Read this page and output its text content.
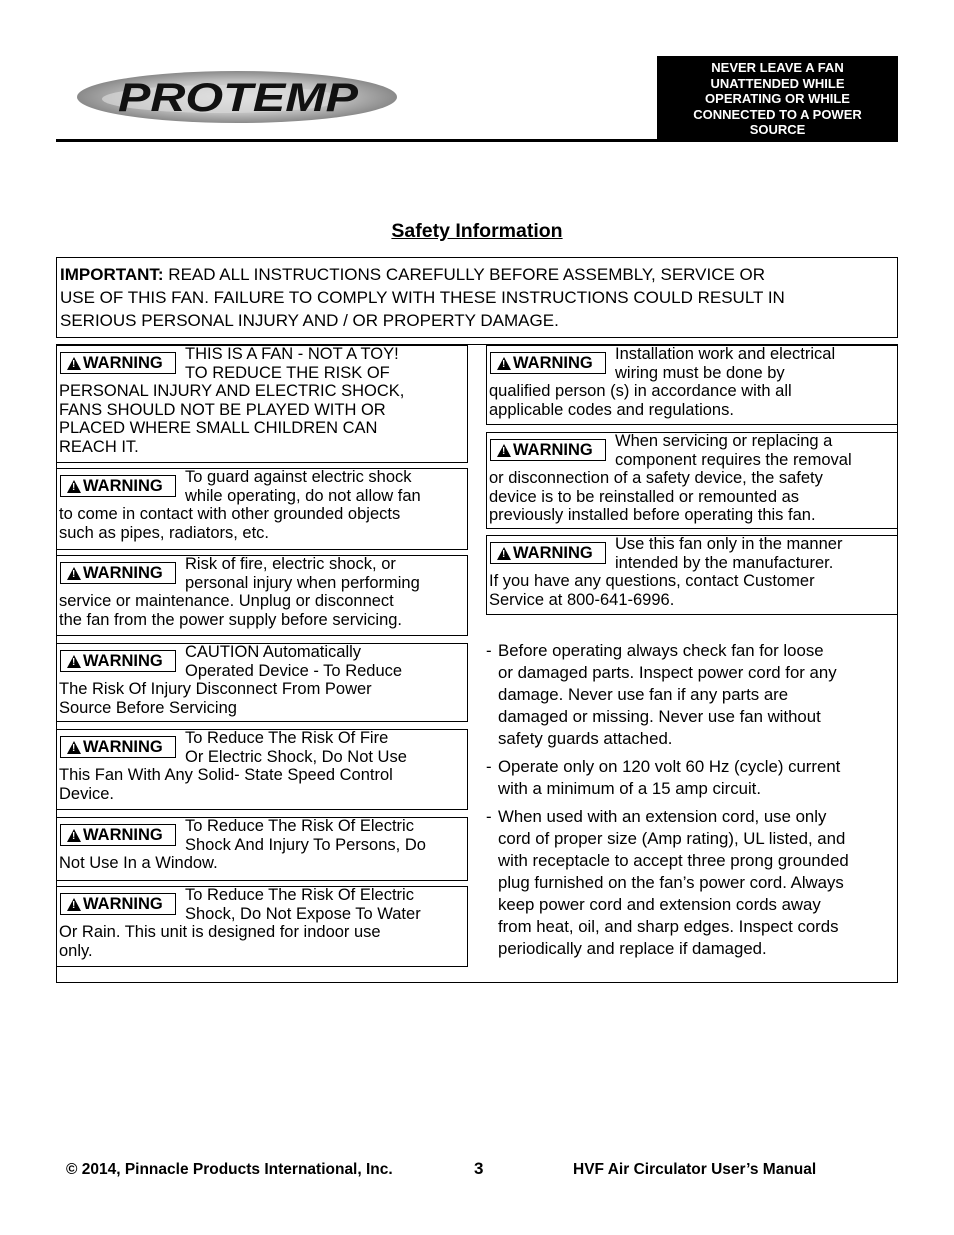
PROTEMP
NEVER LEAVE A FAN
UNATTENDED WHILE
OPERATING OR WHILE
CONNECTED TO A POWER
SOURCE
Safety Information
IMPORTANT: READ ALL INSTRUCTIONS CAREFULLY BEFORE ASSEMBLY, SERVICE OR
USE OF THIS FAN. FAILURE TO COMPLY WITH THESE INSTRUCTIONS COULD RESULT IN
SERIOUS PERSONAL INJURY AND / OR PROPERTY DAMAGE.
! WARNING THIS IS A FAN - NOT A TOY!
TO REDUCE THE RISK OF
PERSONAL INJURY AND ELECTRIC SHOCK,
FANS SHOULD NOT BE PLAYED WITH OR
PLACED WHERE SMALL CHILDREN CAN
REACH IT.
! WARNING To guard against electric shock
while operating, do not allow fan
to come in contact with other grounded objects
such as pipes, radiators, etc.
! WARNING Risk of fire, electric shock, or
personal injury when performing
service or maintenance. Unplug or disconnect
the fan from the power supply before servicing.
! WARNING CAUTION Automatically
Operated Device - To Reduce
The Risk Of Injury Disconnect From Power
Source Before Servicing
! WARNING To Reduce The Risk Of Fire
Or Electric Shock, Do Not Use
This Fan With Any Solid- State Speed Control
Device.
! WARNING To Reduce The Risk Of Electric
Shock And Injury To Persons, Do
Not Use In a Window.
! WARNING To Reduce The Risk Of Electric
Shock, Do Not Expose To Water
Or Rain. This unit is designed for indoor use
only.
! WARNING Installation work and electrical
wiring must be done by
qualified person (s) in accordance with all
applicable codes and regulations.
! WARNING When servicing or replacing a
component requires the removal
or disconnection of a safety device, the safety
device is to be reinstalled or remounted as
previously installed before operating this fan.
! WARNING Use this fan only in the manner
intended by the manufacturer.
If you have any questions, contact Customer
Service at 800-641-6996.
- Before operating always check fan for loose
or damaged parts. Inspect power cord for any
damage. Never use fan if any parts are
damaged or missing. Never use fan without
safety guards attached.
- Operate only on 120 volt 60 Hz (cycle) current
with a minimum of a 15 amp circuit.
- When used with an extension cord, use only
cord of proper size (Amp rating), UL listed, and
with receptacle to accept three prong grounded
plug furnished on the fan’s power cord. Always
keep power cord and extension cords away
from heat, oil, and sharp edges. Inspect cords
periodically and replace if damaged.
© 2014, Pinnacle Products International, Inc.	3	HVF Air Circulator User’s Manual
